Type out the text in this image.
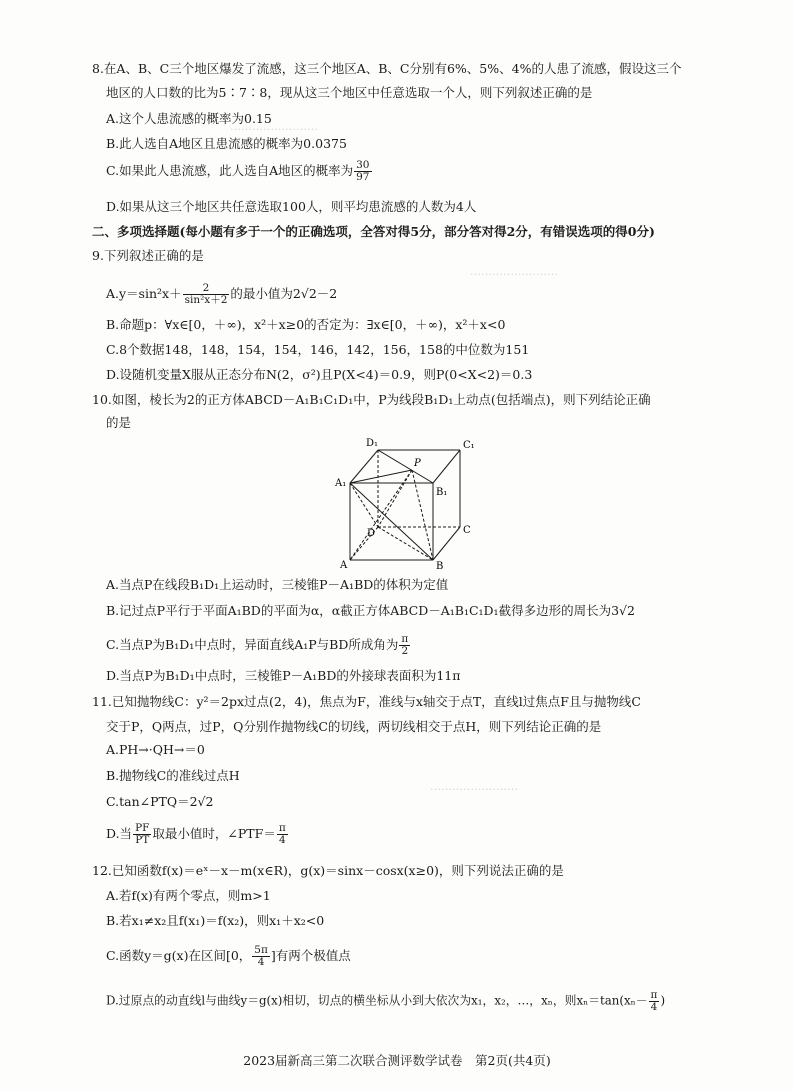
……………………
……………………
……………………
8.在A、B、C三个地区爆发了流感，这三个地区A、B、C分别有6%、5%、4%的人患了流感，假设这三个
地区的人口数的比为5∶7∶8，现从这三个地区中任意选取一个人，则下列叙述正确的是
A.这个人患流感的概率为0.15
B.此人选自A地区且患流感的概率为0.0375
C.如果此人患流感，此人选自A地区的概率为 $\frac{30}{97}$
D.如果从这三个地区共任意选取100人，则平均患流感的人数为4人
二、多项选择题(每小题有多于一个的正确选项，全答对得5分，部分答对得2分，有错误选项的得0分)
9.下列叙述正确的是
$A.y=\sin^2x+ \frac{2}{\text{sin²x＋2}}$ 的最小值为2√2－2
B.命题p：∀x∈[0，＋∞)，x²＋x≥0的否定为：∃x∈[0，＋∞)，x²＋x<0
C.8个数据148，148，154，154，146，142，156，158的中位数为151
D.设随机变量X服从正态分布N(2，σ²)且P(X<4)＝0.9，则P(0<X<2)＝0.3
10.如图，棱长为2的正方体ABCD－A₁B₁C₁D₁中，P为线段B₁D₁上动点(包括端点)，则下列结论正确
的是
D₁	C₁
A₁
B₁
P
D	C
A	B
A.当点P在线段B₁D₁上运动时，三棱锥P－A₁BD的体积为定值
B.记过点P平行于平面A₁BD的平面为α，α截正方体ABCD－A₁B₁C₁D₁截得多边形的周长为3√2
C.当点P为B₁D₁中点时，异面直线A₁P与BD所成角为 $\frac{\pi}{2}$
D.当点P为B₁D₁中点时，三棱锥P－A₁BD的外接球表面积为11π
11.已知抛物线C：y²＝2px过点(2，4)，焦点为F，准线与x轴交于点T，直线l过焦点F且与抛物线C
交于P，Q两点，过P，Q分别作抛物线C的切线，两切线相交于点H，则下列结论正确的是
A.PH→·QH→＝0
B.抛物线C的准线过点H
C.tan∠PTQ＝2√2
D.当 $\frac{PF}{PT}$ 取最小值时，∠PTF＝ $\frac{\pi}{4}$
12.已知函数f(x)＝eˣ－x－m(x∈R)，g(x)＝sinx－cosx(x≥0)，则下列说法正确的是
A.若f(x)有两个零点，则m>1
B.若x₁≠x₂且f(x₁)＝f(x₂)，则x₁＋x₂<0
C.函数y＝g(x)在区间[0， $\frac{5\pi}{4}$ ]有两个极值点
D.过原点的动直线l与曲线y＝g(x)相切，切点的横坐标从小到大依次为x₁，x₂，…，xₙ，则$x_n=\tan(x_n- \frac{\pi}{4}$ )
2023届新高三第二次联合测评数学试卷　第2页(共4页)
